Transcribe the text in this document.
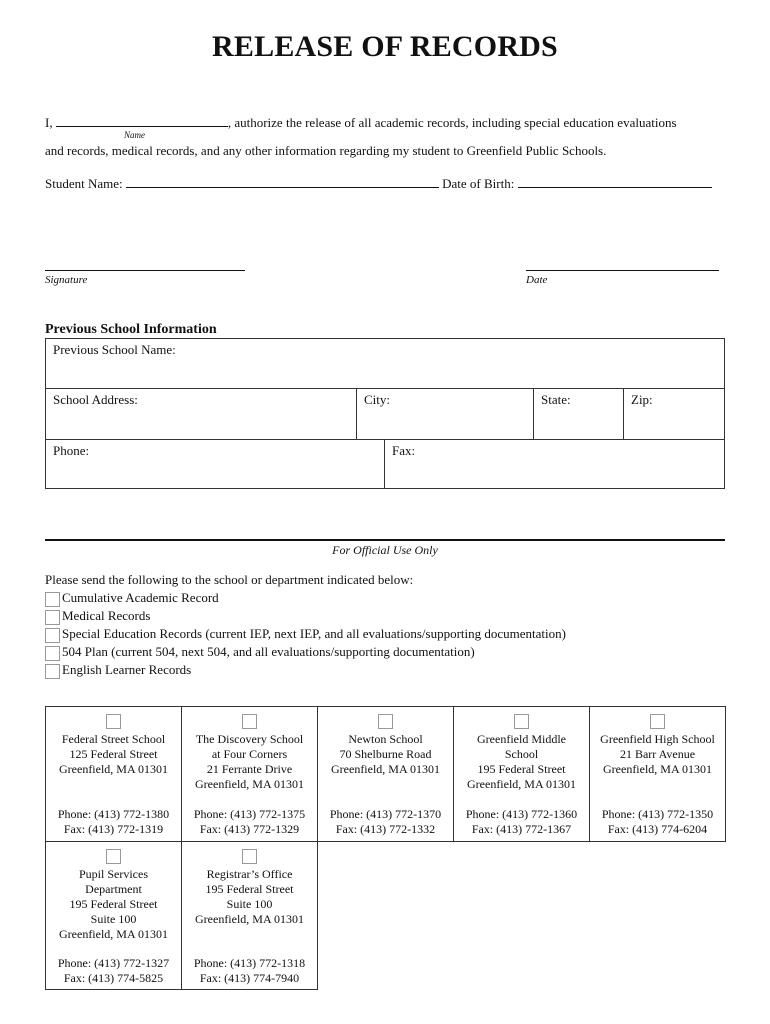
RELEASE OF RECORDS
I,	, authorize the release of all academic records, including special education evaluations
Name
and records, medical records, and any other information regarding my student to Greenfield Public Schools.
Student Name:	Date of Birth:
Signature	Date
Previous School Information
Previous School Name:
School Address:	City:	State:	Zip:
Phone:	Fax:
For Official Use Only
Please send the following to the school or department indicated below:
Cumulative Academic Record
Medical Records
Special Education Records (current IEP, next IEP, and all evaluations/supporting documentation)
504 Plan (current 504, next 504, and all evaluations/supporting documentation)
English Learner Records
Federal Street School
125 Federal Street
Greenfield, MA 01301
Phone: (413) 772-1380
Fax: (413) 772-1319
The Discovery School
at Four Corners
21 Ferrante Drive
Greenfield, MA 01301
Phone: (413) 772-1375
Fax: (413) 772-1329
Newton School
70 Shelburne Road
Greenfield, MA 01301
Phone: (413) 772-1370
Fax: (413) 772-1332
Greenfield Middle
School
195 Federal Street
Greenfield, MA 01301
Phone: (413) 772-1360
Fax: (413) 772-1367
Greenfield High School
21 Barr Avenue
Greenfield, MA 01301
Phone: (413) 772-1350
Fax: (413) 774-6204
Pupil Services
Department
195 Federal Street
Suite 100
Greenfield, MA 01301
Phone: (413) 772-1327
Fax: (413) 774-5825
Registrar’s Office
195 Federal Street
Suite 100
Greenfield, MA 01301
Phone: (413) 772-1318
Fax: (413) 774-7940
